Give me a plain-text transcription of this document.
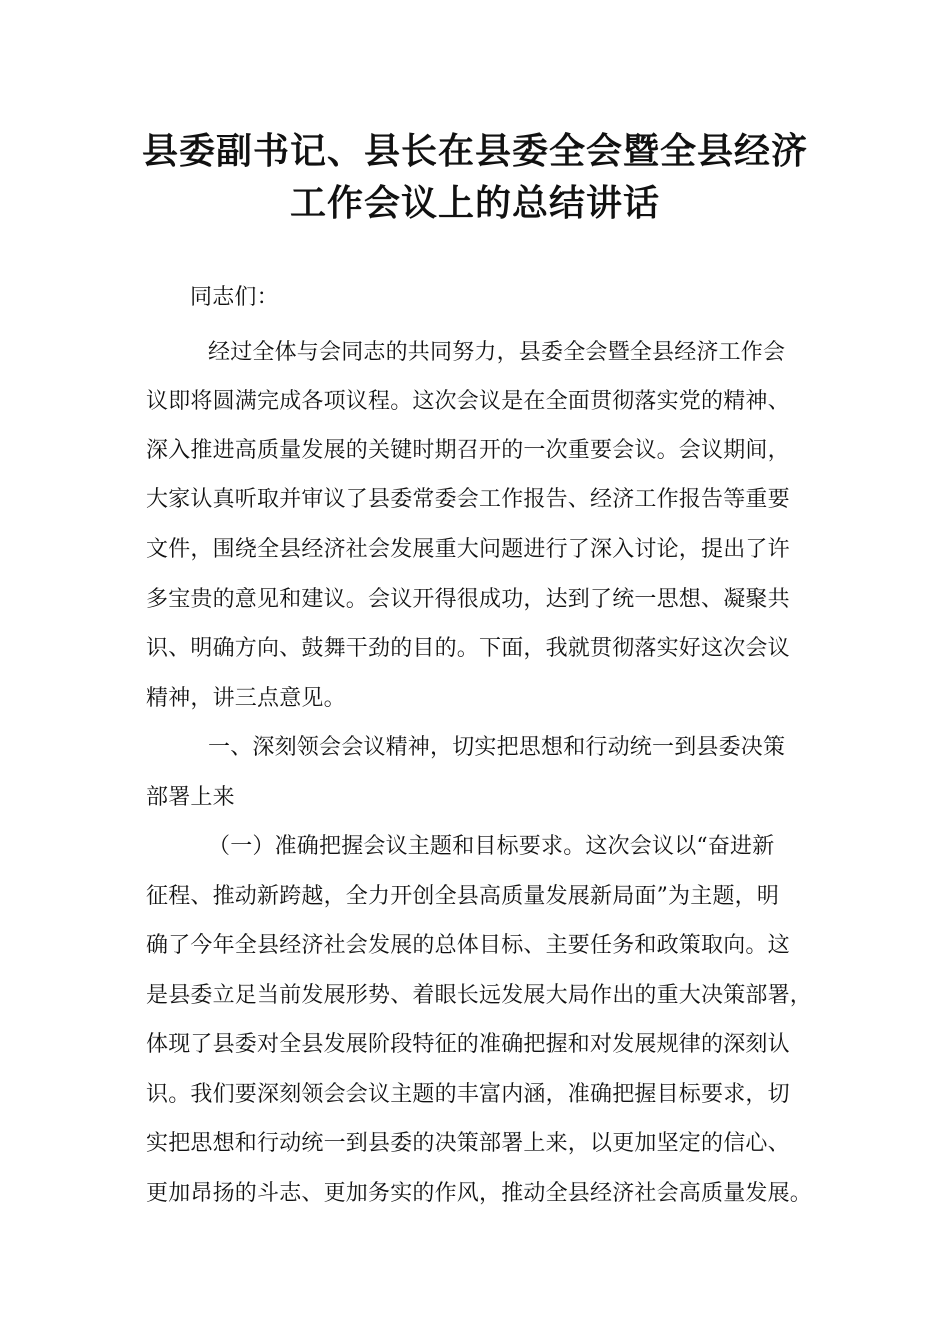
县委副书记、县长在县委全会暨全县经济
工作会议上的总结讲话

同志们：

经过全体与会同志的共同努力，县委全会暨全县经济工作会

议即将圆满完成各项议程。这次会议是在全面贯彻落实党的精神、

深入推进高质量发展的关键时期召开的一次重要会议。会议期间，

大家认真听取并审议了县委常委会工作报告、经济工作报告等重要

文件，围绕全县经济社会发展重大问题进行了深入讨论，提出了许

多宝贵的意见和建议。会议开得很成功，达到了统一思想、凝聚共

识、明确方向、鼓舞干劲的目的。下面，我就贯彻落实好这次会议

精神，讲三点意见。

一、深刻领会会议精神，切实把思想和行动统一到县委决策

部署上来

（一）准确把握会议主题和目标要求。这次会议以“奋进新

征程、推动新跨越，全力开创全县高质量发展新局面”为主题，明

确了今年全县经济社会发展的总体目标、主要任务和政策取向。这

是县委立足当前发展形势、着眼长远发展大局作出的重大决策部署，

体现了县委对全县发展阶段特征的准确把握和对发展规律的深刻认

识。我们要深刻领会会议主题的丰富内涵，准确把握目标要求，切

实把思想和行动统一到县委的决策部署上来，以更加坚定的信心、

更加昂扬的斗志、更加务实的作风，推动全县经济社会高质量发展。
